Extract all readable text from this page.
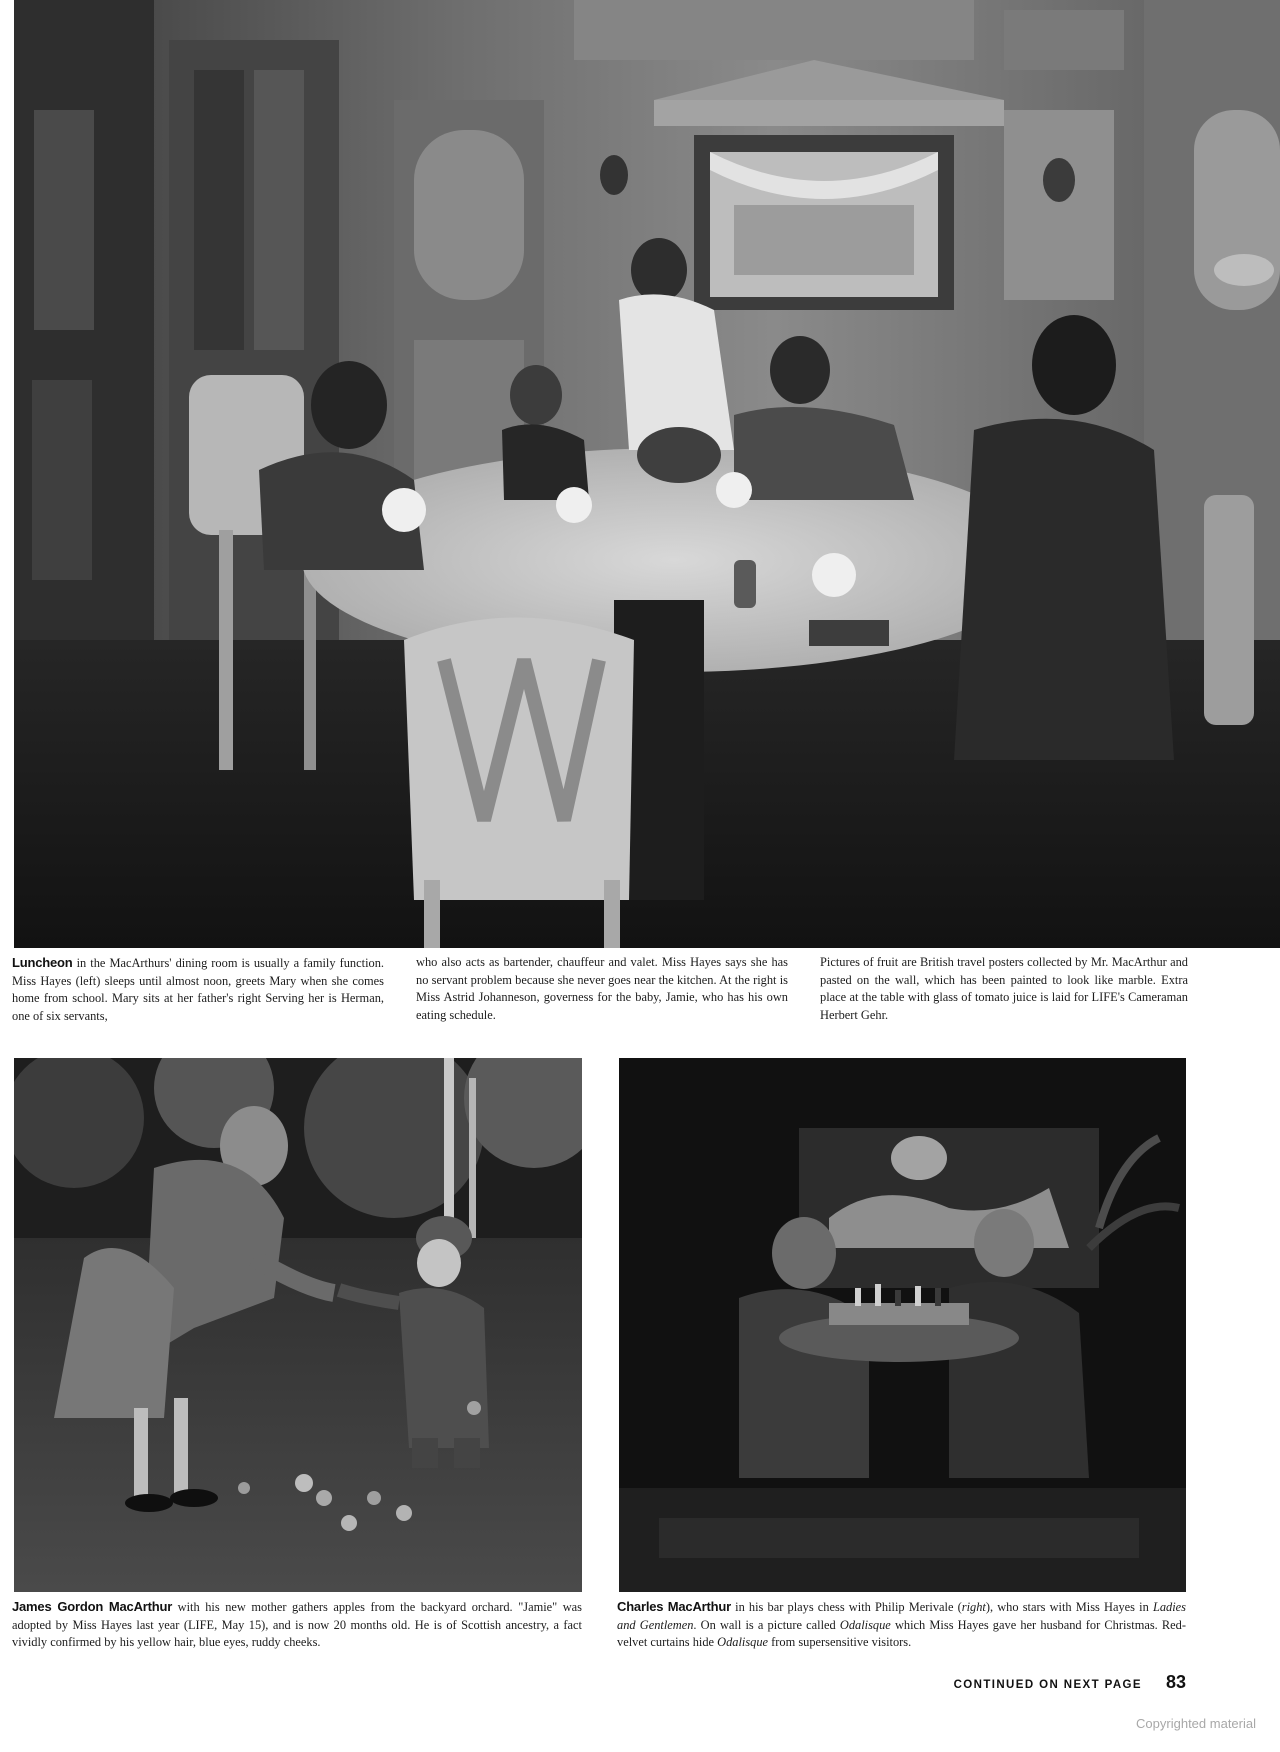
Luncheon in the MacArthurs' dining room is usually a family function. Miss Hayes (left) sleeps until almost noon, greets Mary when she comes home from school. Mary sits at her father's right Serving her is Herman, one of six servants,

who also acts as bartender, chauffeur and valet. Miss Hayes says she has no servant problem because she never goes near the kitchen. At the right is Miss Astrid Johanneson, governess for the baby, Jamie, who has his own eating schedule.

Pictures of fruit are British travel posters collected by Mr. MacArthur and pasted on the wall, which has been painted to look like marble. Extra place at the table with glass of tomato juice is laid for LIFE's Cameraman Herbert Gehr.

James Gordon MacArthur with his new mother gathers apples from the backyard orchard. "Jamie" was adopted by Miss Hayes last year (LIFE, May 15), and is now 20 months old. He is of Scottish ancestry, a fact vividly confirmed by his yellow hair, blue eyes, ruddy cheeks.

Charles MacArthur in his bar plays chess with Philip Merivale (right), who stars with Miss Hayes in Ladies and Gentlemen. On wall is a picture called Odalisque which Miss Hayes gave her husband for Christmas. Red-velvet curtains hide Odalisque from supersensitive visitors.

CONTINUED ON NEXT PAGE 83
Copyrighted material
